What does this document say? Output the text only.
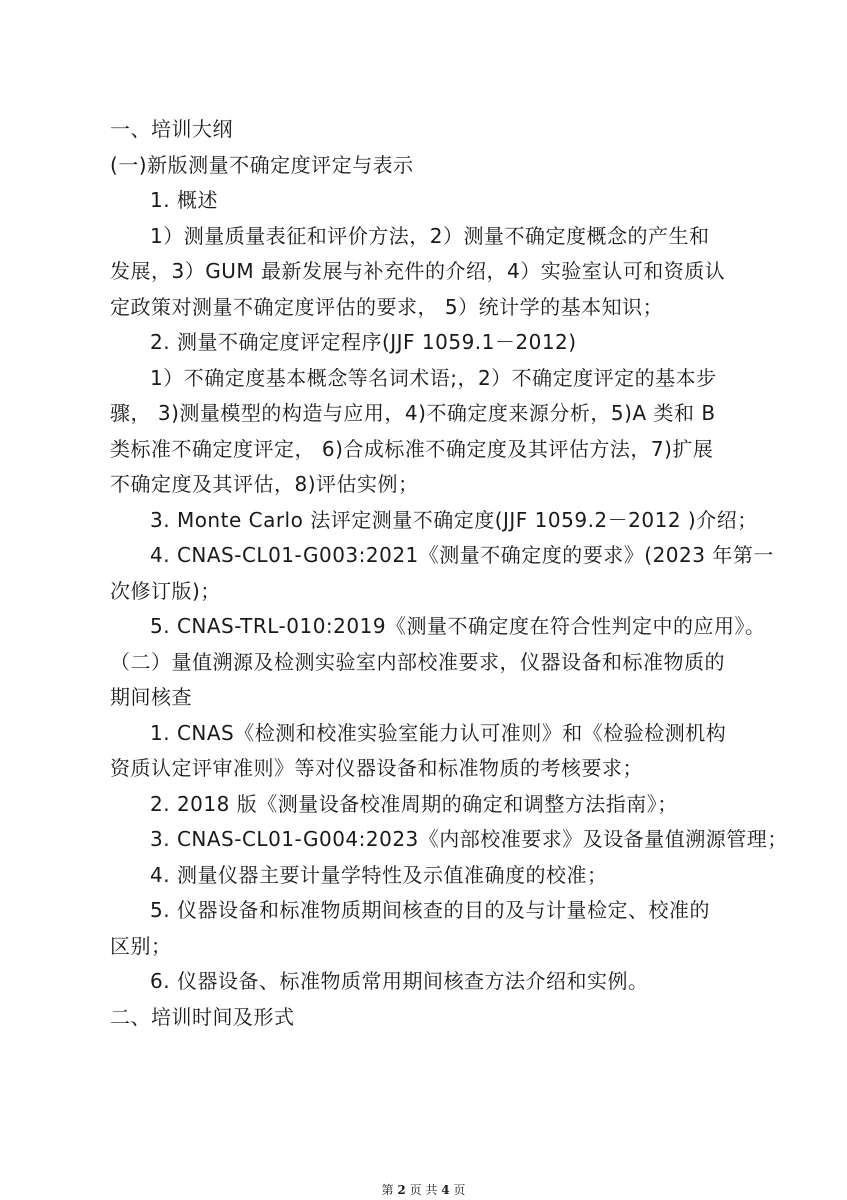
一、培训大纲
(一)新版测量不确定度评定与表示
1. 概述
1）测量质量表征和评价方法，2）测量不确定度概念的产生和
发展，3）GUM 最新发展与补充件的介绍，4）实验室认可和资质认
定政策对测量不确定度评估的要求， 5）统计学的基本知识；
2. 测量不确定度评定程序(JJF 1059.1－2012)
1）不确定度基本概念等名词术语;，2）不确定度评定的基本步
骤， 3)测量模型的构造与应用，4)不确定度来源分析，5)A 类和 B
类标准不确定度评定， 6)合成标准不确定度及其评估方法，7)扩展
不确定度及其评估，8)评估实例；
3. Monte Carlo 法评定测量不确定度(JJF 1059.2－2012 )介绍；
4. CNAS-CL01-G003:2021《测量不确定度的要求》(2023 年第一
次修订版)；
5. CNAS-TRL-010:2019《测量不确定度在符合性判定中的应用》。
（二）量值溯源及检测实验室内部校准要求，仪器设备和标准物质的
期间核查
1. CNAS《检测和校准实验室能力认可准则》和《检验检测机构
资质认定评审准则》等对仪器设备和标准物质的考核要求；
2. 2018 版《测量设备校准周期的确定和调整方法指南》；
3. CNAS-CL01-G004:2023《内部校准要求》及设备量值溯源管理；
4. 测量仪器主要计量学特性及示值准确度的校准；
5. 仪器设备和标准物质期间核查的目的及与计量检定、校准的
区别；
6. 仪器设备、标准物质常用期间核查方法介绍和实例。
二、培训时间及形式
第 2 页 共 4 页
